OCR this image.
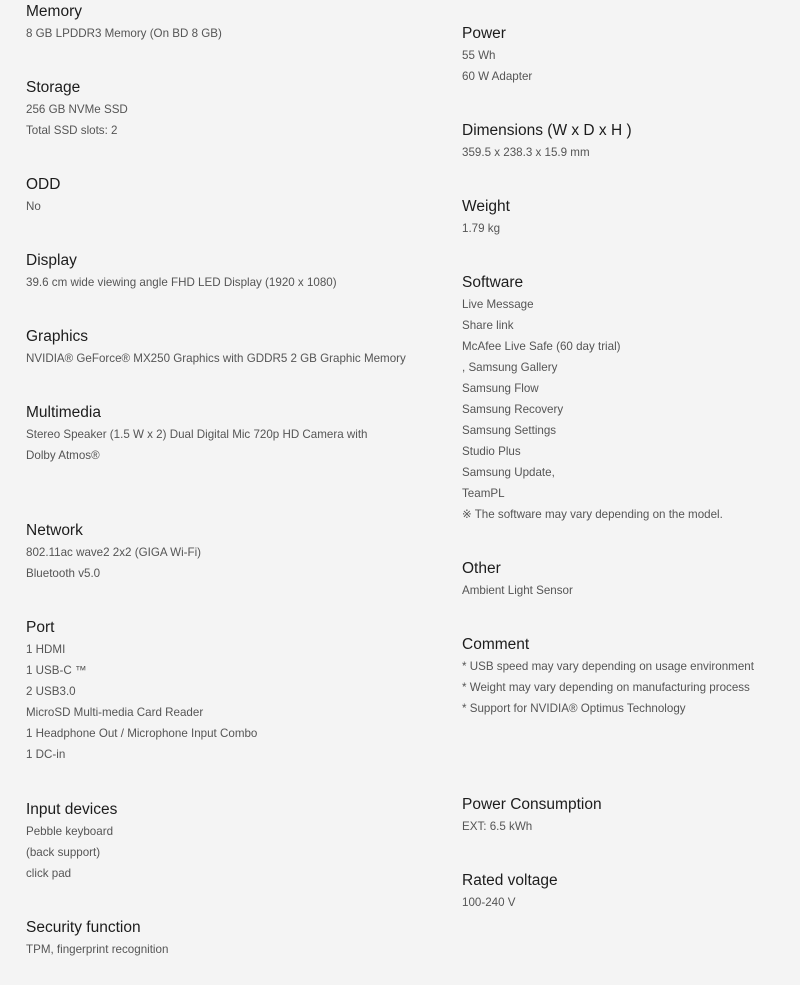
Memory
8 GB LPDDR3 Memory (On BD 8 GB)
Storage
256 GB NVMe SSD
Total SSD slots: 2
ODD
No
Display
39.6 cm wide viewing angle FHD LED Display (1920 x 1080)
Graphics
NVIDIA® GeForce® MX250 Graphics with GDDR5 2 GB Graphic Memory
Multimedia
Stereo Speaker (1.5 W x 2) Dual Digital Mic 720p HD Camera with
Dolby Atmos®
Network
802.11ac wave2 2x2 (GIGA Wi-Fi)
Bluetooth v5.0
Port
1 HDMI
1 USB-C ™
2 USB3.0
MicroSD Multi-media Card Reader
1 Headphone Out / Microphone Input Combo
1 DC-in
Input devices
Pebble keyboard
(back support)
click pad
Security function
TPM, fingerprint recognition
Power
55 Wh
60 W Adapter
Dimensions (W x D x H )
359.5 x 238.3 x 15.9 mm
Weight
1.79 kg
Software
Live Message
Share link
McAfee Live Safe (60 day trial)
, Samsung Gallery
Samsung Flow
Samsung Recovery
Samsung Settings
Studio Plus
Samsung Update,
TeamPL
※ The software may vary depending on the model.
Other
Ambient Light Sensor
Comment
* USB speed may vary depending on usage environment
* Weight may vary depending on manufacturing process
* Support for NVIDIA® Optimus Technology
Power Consumption
EXT: 6.5 kWh
Rated voltage
100-240 V
